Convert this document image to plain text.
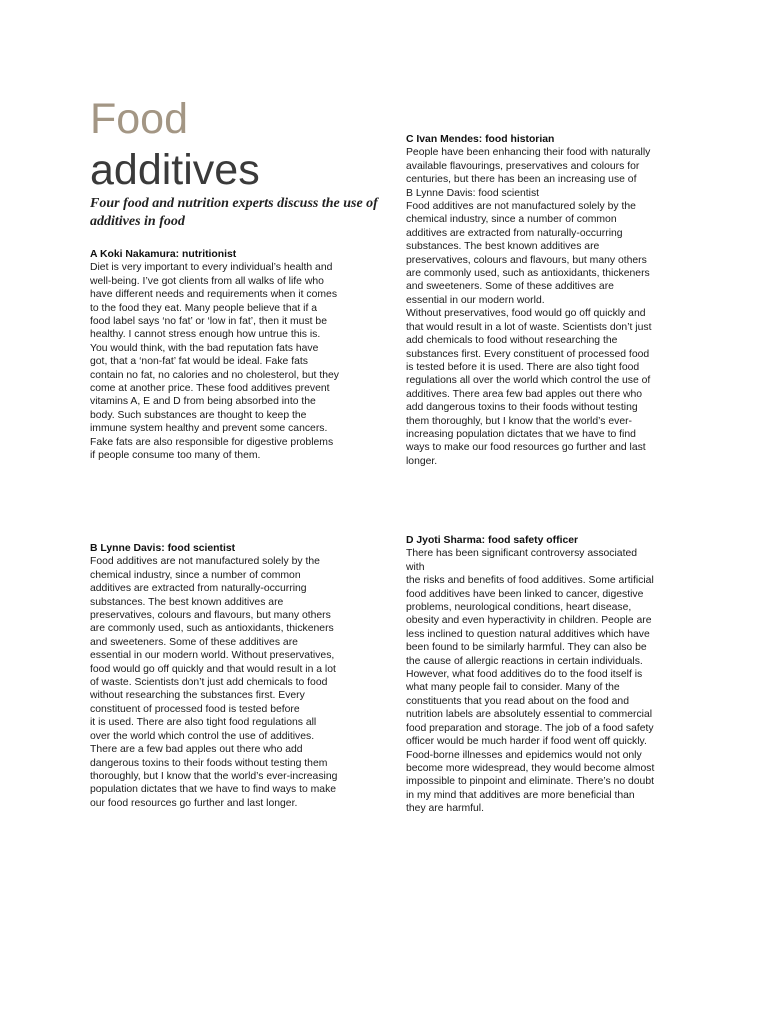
Food
additives
Four food and nutrition experts discuss the use of additives in food
A Koki Nakamura: nutritionist

Diet is very important to every individual’s health and
well-being. I’ve got clients from all walks of life who
have different needs and requirements when it comes
to the food they eat. Many people believe that if a
food label says ‘no fat’ or ‘low in fat’, then it must be
healthy. I cannot stress enough how untrue this is.
You would think, with the bad reputation fats have
got, that a ‘non-fat’ fat would be ideal. Fake fats
contain no fat, no calories and no cholesterol, but they
come at another price. These food additives prevent
vitamins A, E and D from being absorbed into the
body. Such substances are thought to keep the
immune system healthy and prevent some cancers.
Fake fats are also responsible for digestive problems
if people consume too many of them.

B Lynne Davis: food scientist

Food additives are not manufactured solely by the
chemical industry, since a number of common
additives are extracted from naturally-occurring
substances. The best known additives are
preservatives, colours and flavours, but many others
are commonly used, such as antioxidants, thickeners
and sweeteners. Some of these additives are
essential in our modern world. Without preservatives,
food would go off quickly and that would result in a lot
of waste. Scientists don’t just add chemicals to food
without researching the substances first. Every
constituent of processed food is tested before
it is used. There are also tight food regulations all
over the world which control the use of additives.
There are a few bad apples out there who add
dangerous toxins to their foods without testing them
thoroughly, but I know that the world’s ever-increasing
population dictates that we have to find ways to make
our food resources go further and last longer.

C Ivan Mendes: food historian

People have been enhancing their food with naturally
available flavourings, preservatives and colours for
centuries, but there has been an increasing use of
B Lynne Davis: food scientist
Food additives are not manufactured solely by the
chemical industry, since a number of common
additives are extracted from naturally-occurring
substances. The best known additives are
preservatives, colours and flavours, but many others
are commonly used, such as antioxidants, thickeners
and sweeteners. Some of these additives are
essential in our modern world.
Without preservatives, food would go off quickly and
that would result in a lot of waste. Scientists don’t just
add chemicals to food without researching the
substances first. Every constituent of processed food
is tested before it is used. There are also tight food
regulations all over the world which control the use of
additives. There area few bad apples out there who
add dangerous toxins to their foods without testing
them thoroughly, but I know that the world’s ever-
increasing population dictates that we have to find
ways to make our food resources go further and last
longer.

D Jyoti Sharma: food safety officer

There has been significant controversy associated
with
the risks and benefits of food additives. Some artificial
food additives have been linked to cancer, digestive
problems, neurological conditions, heart disease,
obesity and even hyperactivity in children. People are
less inclined to question natural additives which have
been found to be similarly harmful. They can also be
the cause of allergic reactions in certain individuals.
However, what food additives do to the food itself is
what many people fail to consider. Many of the
constituents that you read about on the food and
nutrition labels are absolutely essential to commercial
food preparation and storage. The job of a food safety
officer would be much harder if food went off quickly.
Food-borne illnesses and epidemics would not only
become more widespread, they would become almost
impossible to pinpoint and eliminate. There’s no doubt
in my mind that additives are more beneficial than
they are harmful.
